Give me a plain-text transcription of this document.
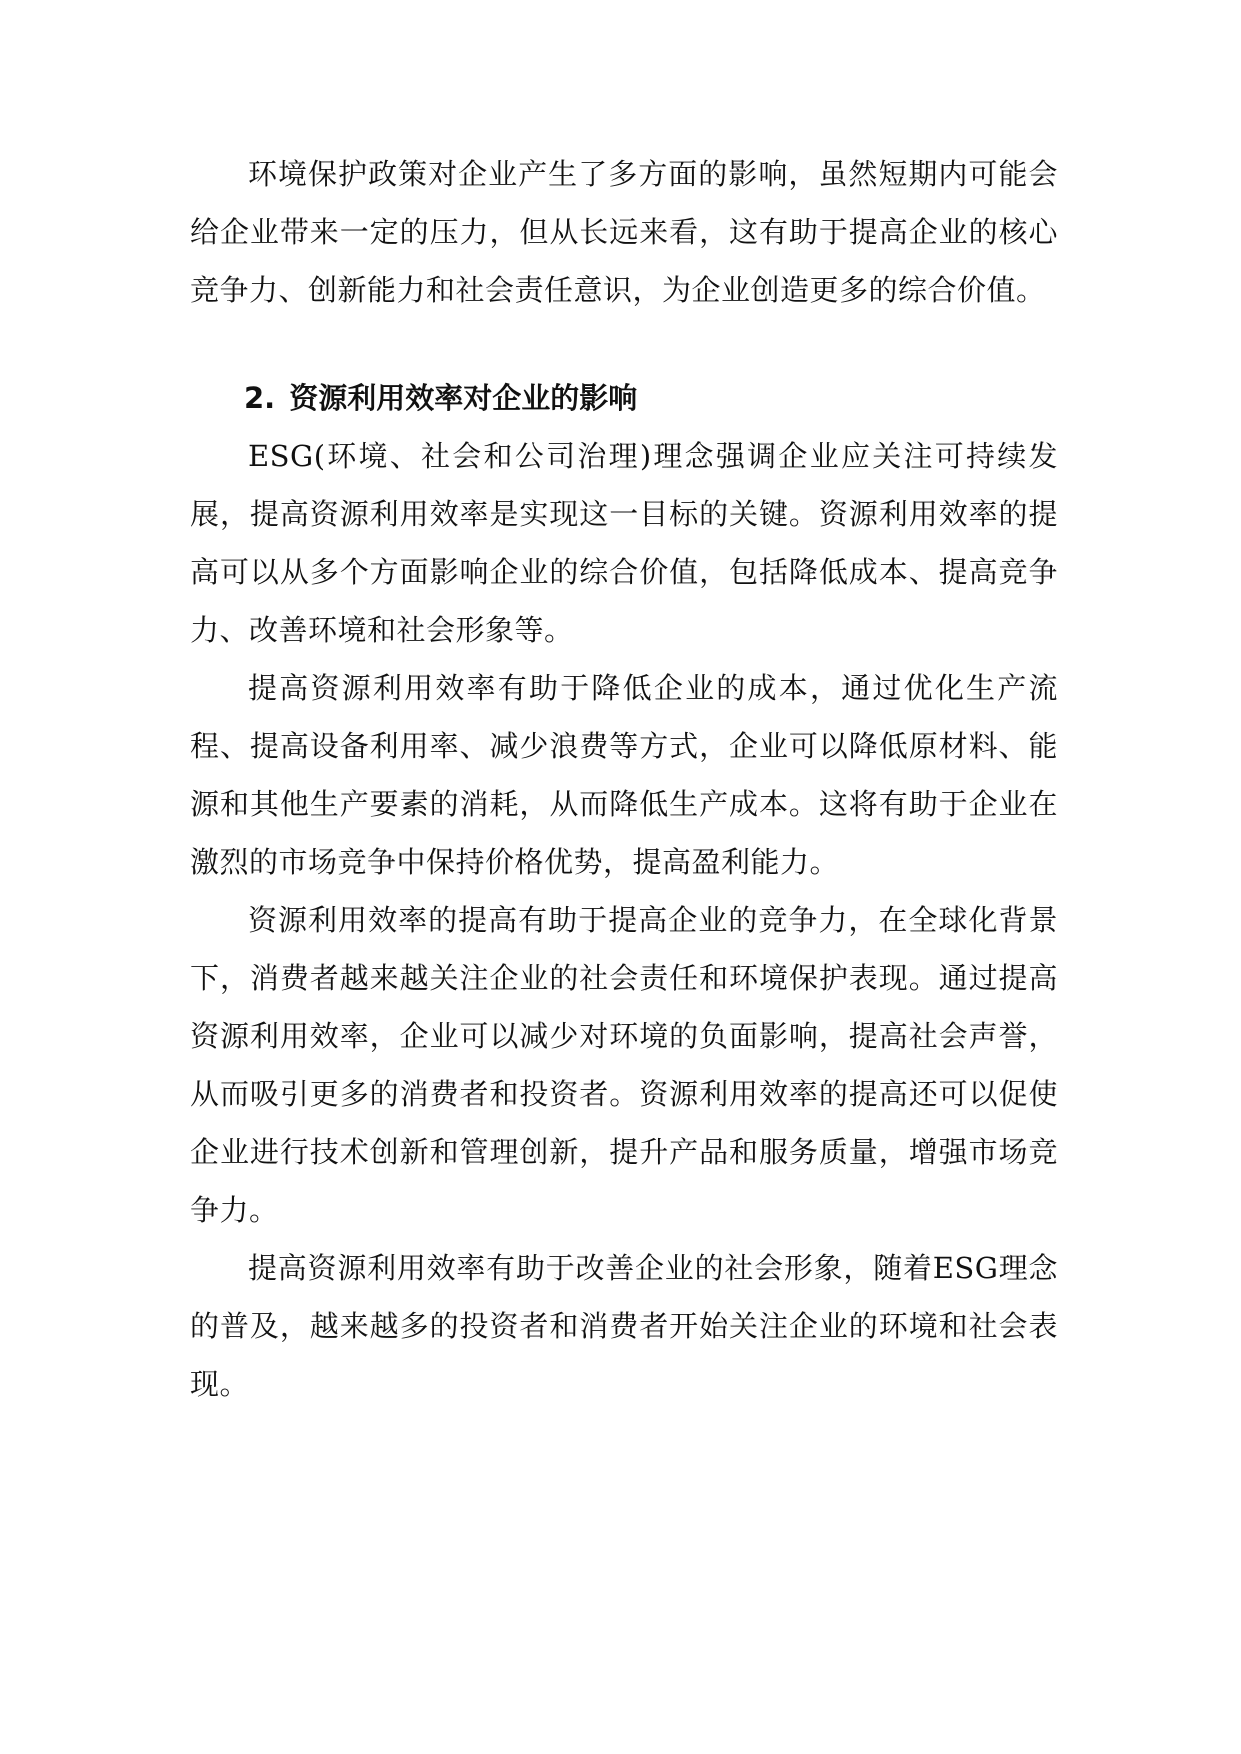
环境保护政策对企业产生了多方面的影响，虽然短期内可能会给企业带来一定的压力，但从长远来看，这有助于提高企业的核心竞争力、创新能力和社会责任意识，为企业创造更多的综合价值。

2. 资源利用效率对企业的影响

ESG(环境、社会和公司治理)理念强调企业应关注可持续发展，提高资源利用效率是实现这一目标的关键。资源利用效率的提高可以从多个方面影响企业的综合价值，包括降低成本、提高竞争力、改善环境和社会形象等。

提高资源利用效率有助于降低企业的成本，通过优化生产流程、提高设备利用率、减少浪费等方式，企业可以降低原材料、能源和其他生产要素的消耗，从而降低生产成本。这将有助于企业在激烈的市场竞争中保持价格优势，提高盈利能力。

资源利用效率的提高有助于提高企业的竞争力，在全球化背景下，消费者越来越关注企业的社会责任和环境保护表现。通过提高资源利用效率，企业可以减少对环境的负面影响，提高社会声誉，从而吸引更多的消费者和投资者。资源利用效率的提高还可以促使企业进行技术创新和管理创新，提升产品和服务质量，增强市场竞争力。

提高资源利用效率有助于改善企业的社会形象，随着ESG理念的普及，越来越多的投资者和消费者开始关注企业的环境和社会表现。
